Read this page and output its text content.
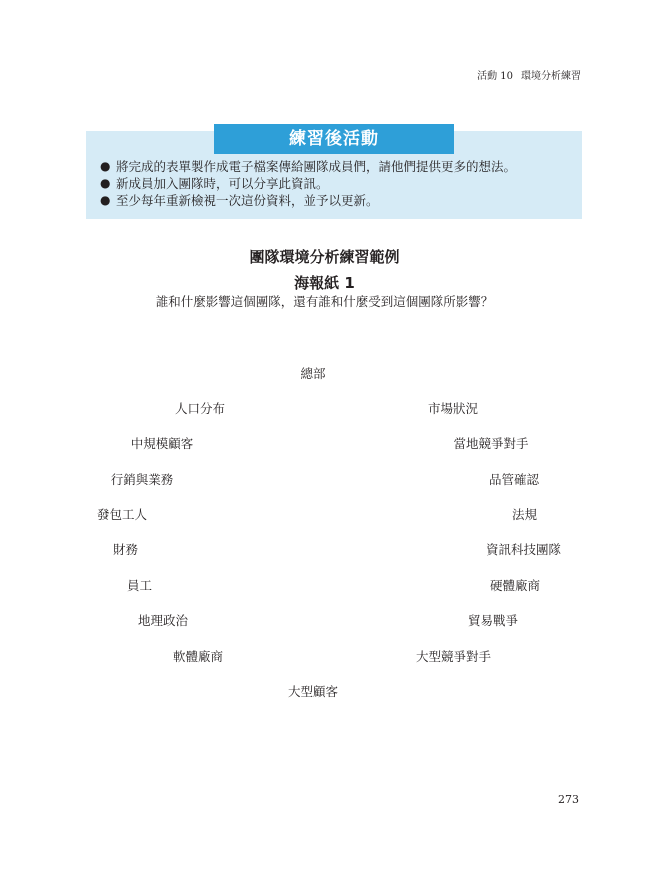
活動 10 環境分析練習
練習後活動
● 將完成的表單製作成電子檔案傳給團隊成員們，請他們提供更多的想法。
● 新成員加入團隊時，可以分享此資訊。
● 至少每年重新檢視一次這份資料，並予以更新。
團隊環境分析練習範例
海報紙 1
誰和什麼影響這個團隊，還有誰和什麼受到這個團隊所影響？
總部
人口分布
中規模顧客
行銷與業務
發包工人
財務
員工
地理政治
軟體廠商
市場狀況
當地競爭對手
品管確認
法規
資訊科技團隊
硬體廠商
貿易戰爭
大型競爭對手
大型顧客
273
